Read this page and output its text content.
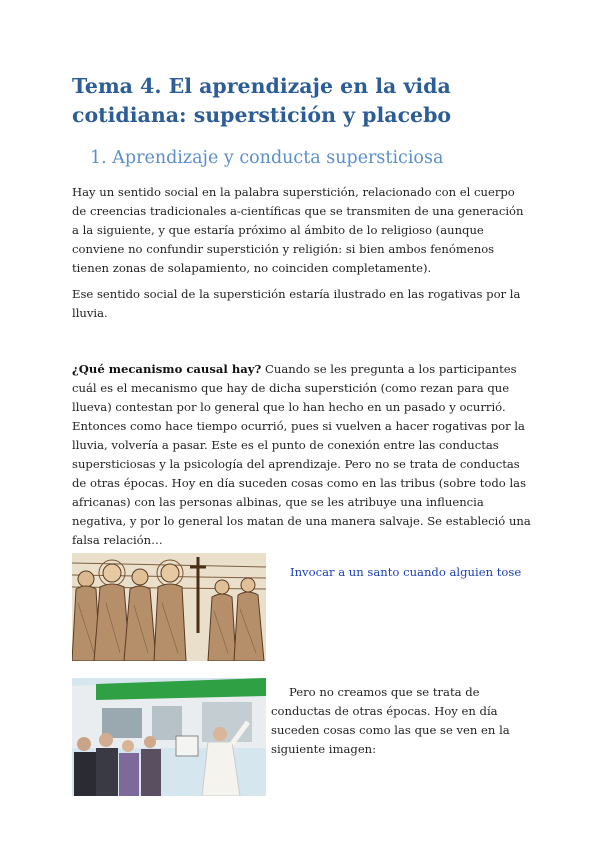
Tema 4. El aprendizaje en la vida cotidiana: superstición y placebo
1. Aprendizaje y conducta supersticiosa

Hay un sentido social en la palabra superstición, relacionado con el cuerpo de creencias tradicionales a-científicas que se transmiten de una generación a la siguiente, y que estaría próximo al ámbito de lo religioso (aunque conviene no confundir superstición y religión: si bien ambos fenómenos tienen zonas de solapamiento, no coinciden completamente).

Ese sentido social de la superstición estaría ilustrado en las rogativas por la lluvia.

¿Qué mecanismo causal hay? Cuando se les pregunta a los participantes cuál es el mecanismo que hay de dicha superstición (como rezan para que llueva) contestan por lo general que lo han hecho en un pasado y ocurrió. Entonces como hace tiempo ocurrió, pues si vuelven a hacer rogativas por la lluvia, volvería a pasar. Este es el punto de conexión entre las conductas supersticiosas y la psicología del aprendizaje. Pero no se trata de conductas de otras épocas. Hoy en día suceden cosas como en las tribus (sobre todo las africanas) con las personas albinas, que se les atribuye una influencia negativa, y por lo general los matan de una manera salvaje. Se estableció una falsa relación…

Invocar a un santo cuando alguien tose

Pero no creamos que se trata de conductas de otras épocas. Hoy en día suceden cosas como las que se ven en la siguiente imagen:
